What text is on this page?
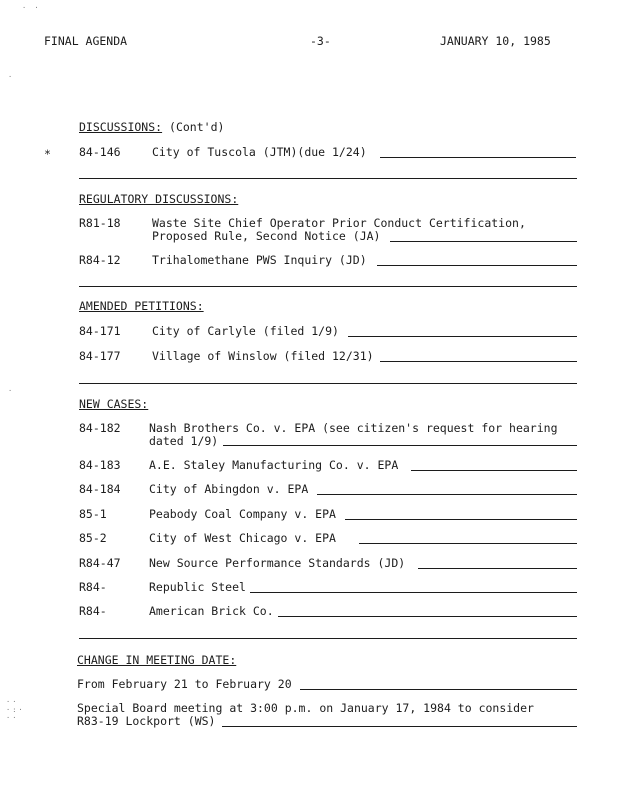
FINAL AGENDA	-3-	JANUARY 10, 1985
· ·
·
·
··
·:·
··
DISCUSSIONS: (Cont'd)
* 84-146	City of Tuscola (JTM)(due 1/24)
REGULATORY DISCUSSIONS:
R81-18	Waste Site Chief Operator Prior Conduct Certification,
Proposed Rule, Second Notice (JA)
R84-12	Trihalomethane PWS Inquiry (JD)
AMENDED PETITIONS:
84-171	City of Carlyle (filed 1/9)
84-177	Village of Winslow (filed 12/31)
NEW CASES:
84-182 Nash Brothers Co. v. EPA (see citizen's request for hearing
dated 1/9)
84-183 A.E. Staley Manufacturing Co. v. EPA
84-184 City of Abingdon v. EPA
85-1	Peabody Coal Company v. EPA
85-2	City of West Chicago v. EPA
R84-47 New Source Performance Standards (JD)
R84-	Republic Steel
R84-	American Brick Co.
CHANGE IN MEETING DATE:
From February 21 to February 20
Special Board meeting at 3:00 p.m. on January 17, 1984 to consider
R83-19 Lockport (WS)
